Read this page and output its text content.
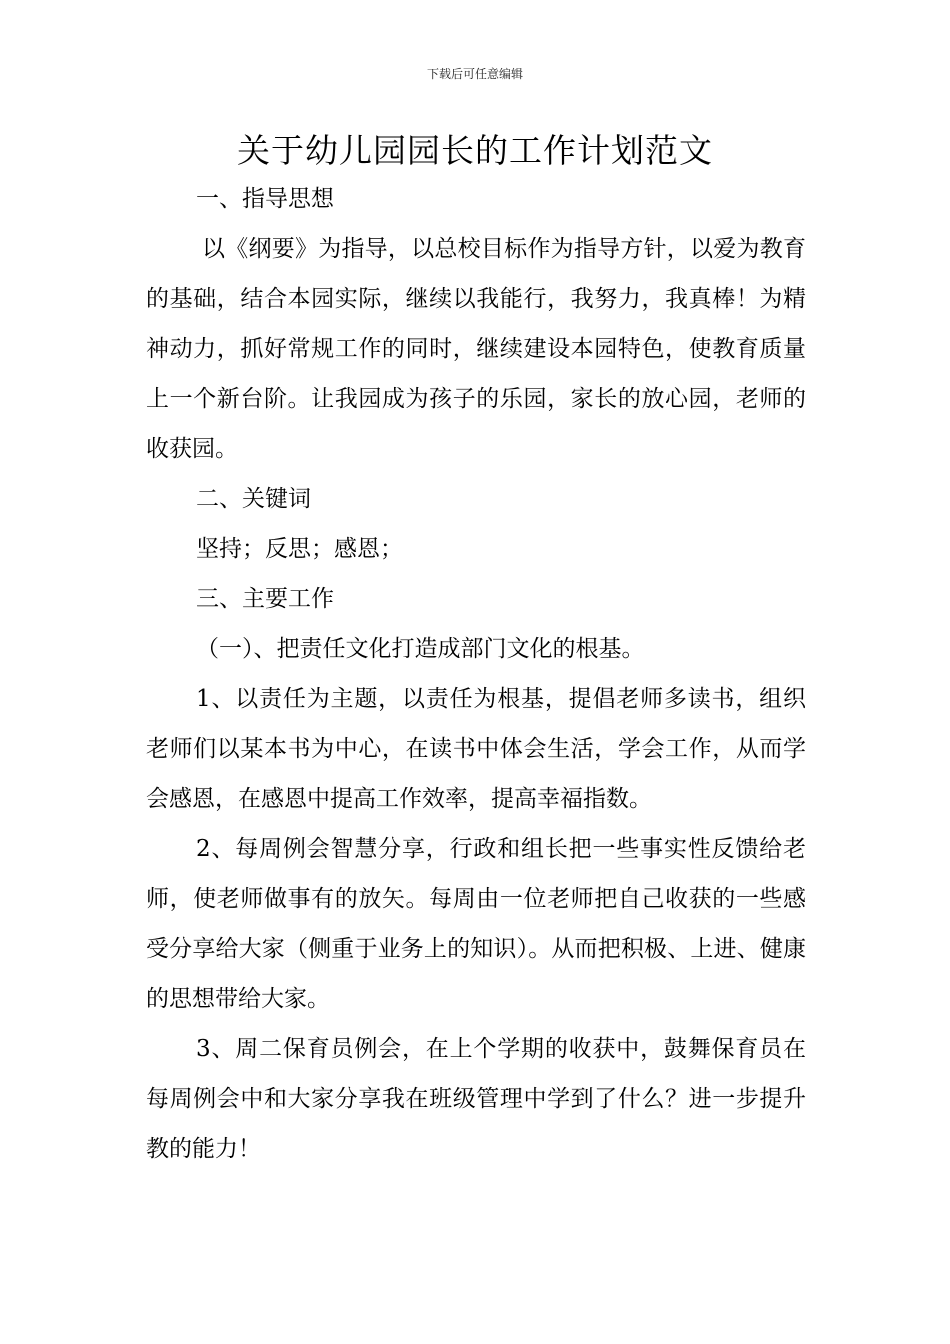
下载后可任意编辑
关于幼儿园园长的工作计划范文

一、指导思想

以《纲要》为指导，以总校目标作为指导方针，以爱为教育的基础，结合本园实际，继续以我能行，我努力，我真棒！为精神动力，抓好常规工作的同时，继续建设本园特色，使教育质量上一个新台阶。让我园成为孩子的乐园，家长的放心园，老师的收获园。

二、关键词

坚持；反思；感恩；

三、主要工作

（一）、把责任文化打造成部门文化的根基。

1、以责任为主题，以责任为根基，提倡老师多读书，组织老师们以某本书为中心，在读书中体会生活，学会工作，从而学会感恩，在感恩中提高工作效率，提高幸福指数。

2、每周例会智慧分享，行政和组长把一些事实性反馈给老师，使老师做事有的放矢。每周由一位老师把自己收获的一些感受分享给大家（侧重于业务上的知识）。从而把积极、上进、健康的思想带给大家。

3、周二保育员例会，在上个学期的收获中，鼓舞保育员在每周例会中和大家分享我在班级管理中学到了什么？进一步提升教的能力！
